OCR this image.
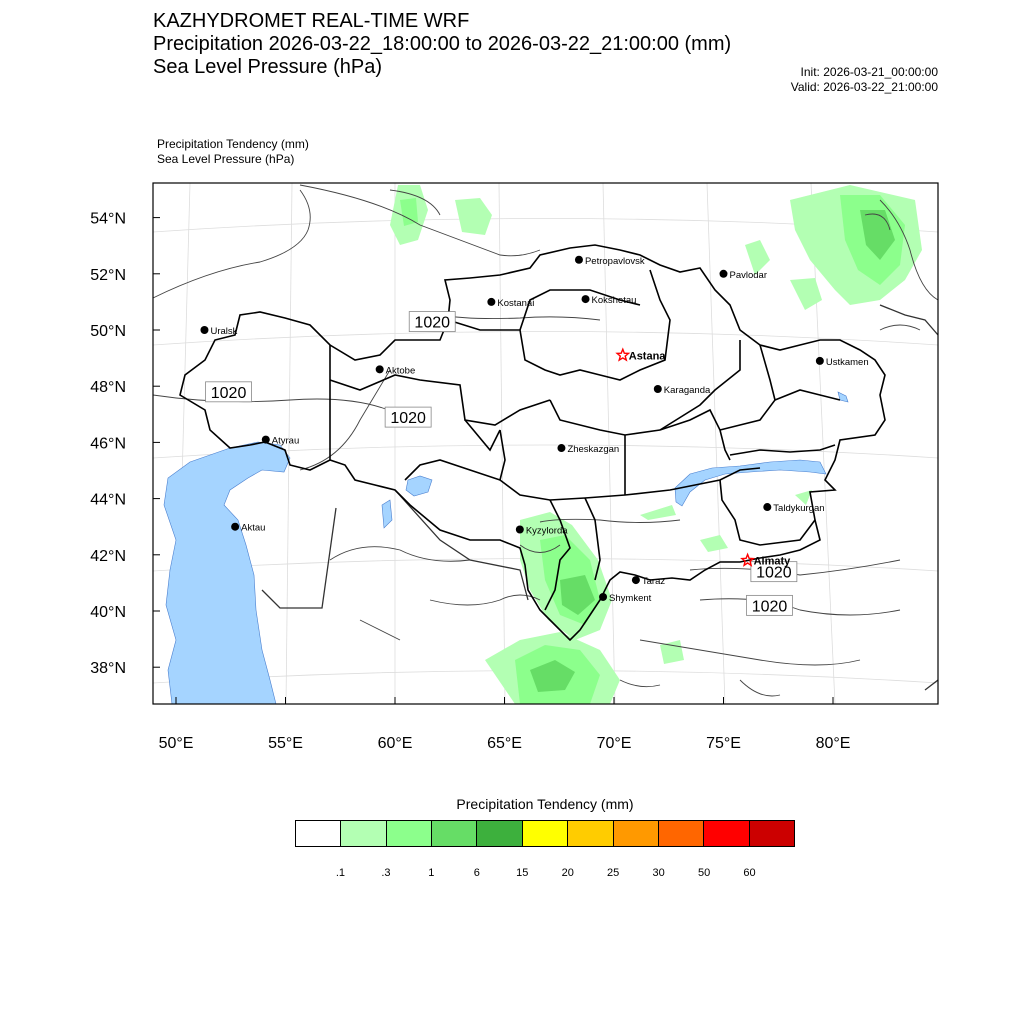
KAZHYDROMET REAL-TIME WRF
Precipitation 2026-03-22_18:00:00 to 2026-03-22_21:00:00 (mm)
Sea Level Pressure (hPa)	Init: 2026-03-21_00:00:00
Valid: 2026-03-22_21:00:00
Precipitation Tendency (mm)
Sea Level Pressure (hPa)
54°N
52°N
50°N
48°N
46°N
44°N
42°N
40°N
38°N
50°E	55°E	60°E	65°E	70°E	75°E	80°E
1020
1020
1020
1020
1020
Petropavlovsk
Kostanai	Kokshetau
Uralsk
Pavlodar
Astana
Aktobe
Ustkamen
Karaganda
Atyrau
Zheskazgan
Taldykurgan
Aktau	Kyzylorda
Almaty
Taraz
Shymkent
Precipitation Tendency (mm)
.1	.3	1	6	15	20	25	30	50	60
